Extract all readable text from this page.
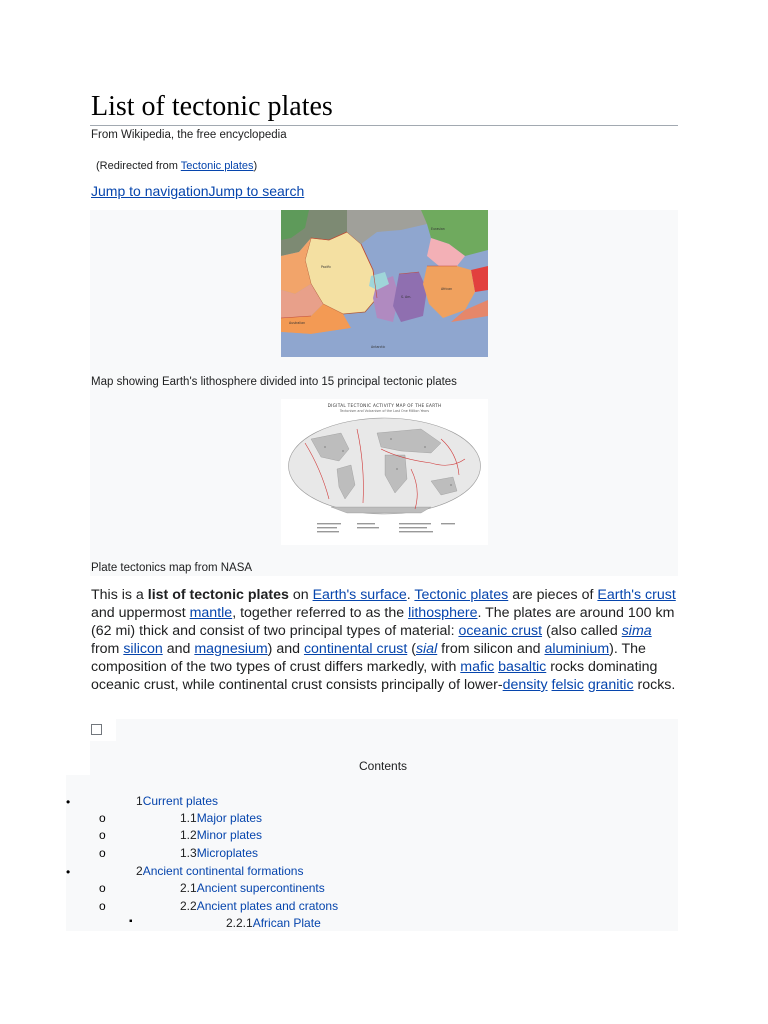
List of tectonic plates
From Wikipedia, the free encyclopedia
(Redirected from Tectonic plates)
Jump to navigationJump to search
Pacific
African
S. Am.
Eurasian
Australian
Antarctic
Map showing Earth's lithosphere divided into 15 principal tectonic plates
DIGITAL TECTONIC ACTIVITY MAP OF THE EARTH
Tectonism and Volcanism of the Last One Million Years
Plate tectonics map from NASA

This is a list of tectonic plates on Earth's surface. Tectonic plates are pieces of Earth's crust and uppermost mantle, together referred to as the lithosphere. The plates are around 100 km (62 mi) thick and consist of two principal types of material: oceanic crust (also called sima from silicon and magnesium) and continental crust (sial from silicon and aluminium). The composition of the two types of crust differs markedly, with mafic basaltic rocks dominating oceanic crust, while continental crust consists principally of lower-density felsic granitic rocks.

Contents
•	1Current plates
o	1.1Major plates
o	1.2Minor plates
o	1.3Microplates
•	2Ancient continental formations
o	2.1Ancient supercontinents
o	2.2Ancient plates and cratons
▪	2.2.1African Plate
